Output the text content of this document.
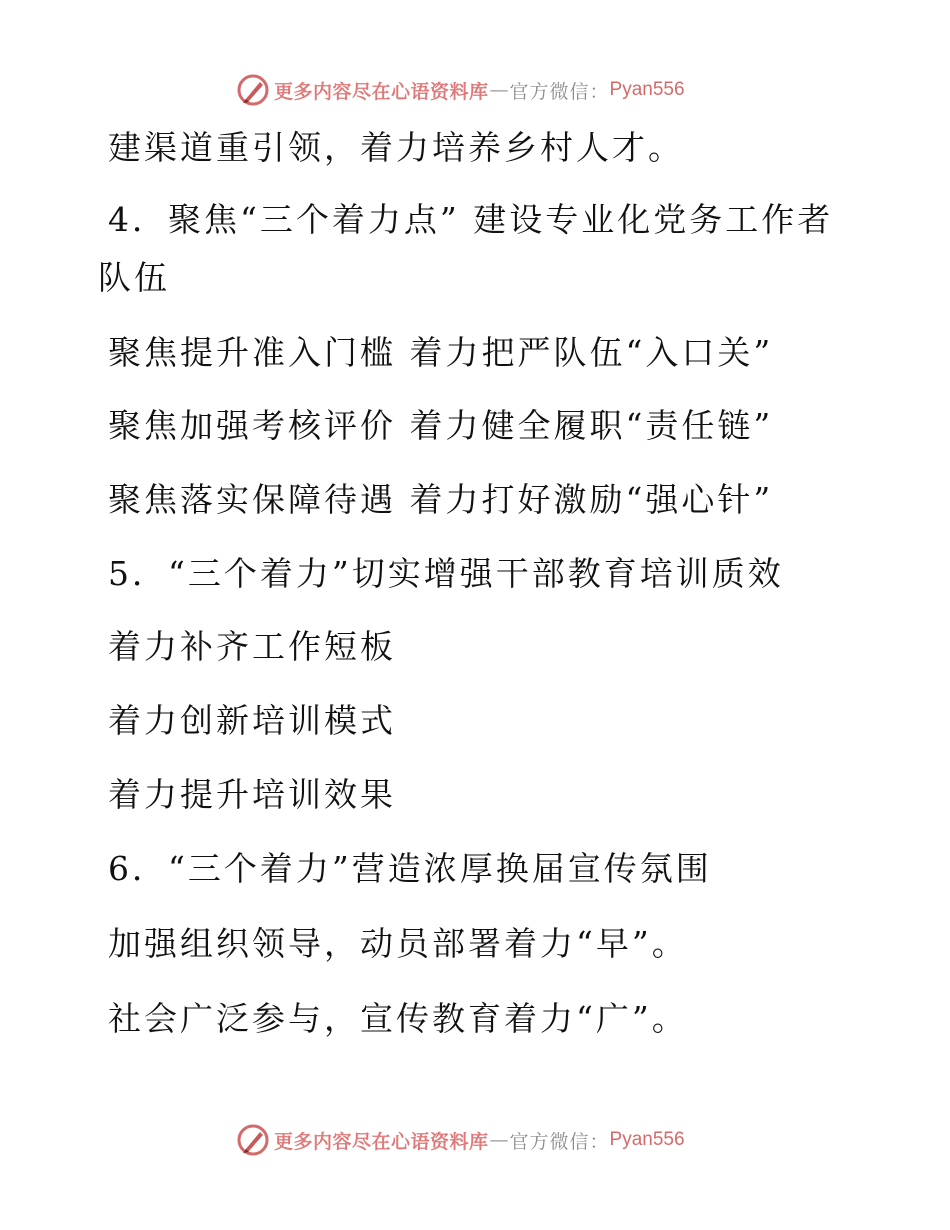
更多内容尽在心语资料库 — 官方微信： Pyan556
建渠道重引领，着力培养乡村人才。
4．聚焦“三个着力点” 建设专业化党务工作者
队伍
聚焦提升准入门槛 着力把严队伍“入口关”
聚焦加强考核评价 着力健全履职“责任链”
聚焦落实保障待遇 着力打好激励“强心针”
5．“三个着力”切实增强干部教育培训质效
着力补齐工作短板
着力创新培训模式
着力提升培训效果
6．“三个着力”营造浓厚换届宣传氛围
加强组织领导，动员部署着力“早”。
社会广泛参与，宣传教育着力“广”。
更多内容尽在心语资料库 — 官方微信： Pyan556
